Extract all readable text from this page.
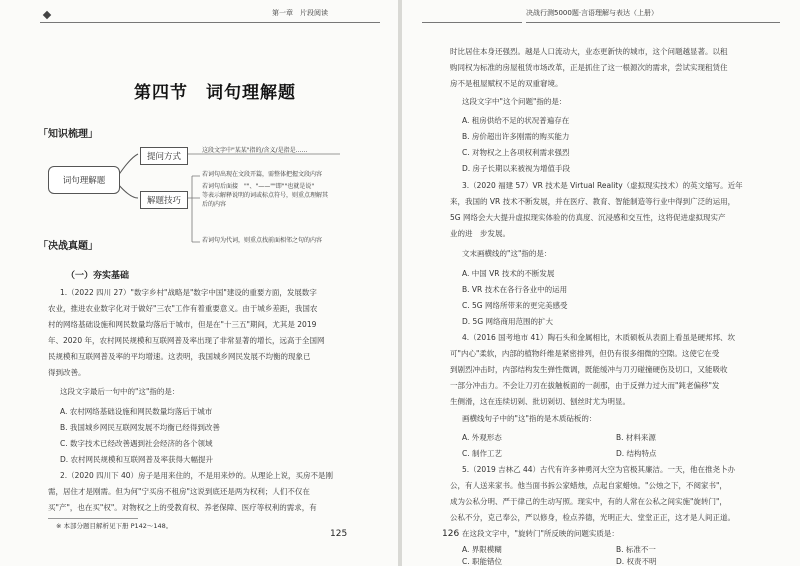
第一章　片段阅读
第四节　词句理解题
「知识梳理」
词句理解题
提问方式
解题技巧
这段文字中"某某"指的/含义/是指是……
若词句出现在文段开篇，需整体把握文段内容
若词句后面接　""、"——""即""也就是说"
等表示解释说明的词或标点符号，则重点理解其
后的内容
若词句为代词，则重点找前面相邻之句的内容
「决战真题」
（一）夯实基础
1.（2022 四川 27）"数字乡村"战略是"数字中国"建设的重要方面，发展数字
农业，推进农业数字化对于做好"三农"工作有着重要意义。由于城乡差距，我国农
村的网络基础设施和网民数量均落后于城市，但是在"十三五"期间，尤其是 2019
年、2020 年，农村网民规模和互联网普及率出现了非常显著的增长，远高于全国网
民规模和互联网普及率的平均增速。这表明，我国城乡网民发展不均衡的现象已
得到改善。
这段文字最后一句中的"这"指的是：
A. 农村网络基础设施和网民数量均落后于城市
B. 我国城乡网民互联网发展不均衡已经得到改善
C. 数字技术已经改善遇到社会经济的各个领域
D. 农村网民规模和互联网普及率获得大幅提升
2.（2020 四川下 40）房子是用来住的，不是用来炒的。从理论上说，买房不是刚
需，居住才是刚需。但为何"宁买房不租房"这说到底还是两为权利；人们不仅在
买"产"，也在买"权"。对物权之上的受教育权、养老保障、医疗等权利的需求，有
※ 本部分题目解析见下册 P142～148。
125
决战行测5000题·言语理解与表达（上册）
时比居住本身还强烈。越是人口流动大，业态更新快的城市，这个问题越显著。以租
购同权为标准的房屋租赁市场改革，正是抓住了这一根源次的需求，尝试实现租赁住
房不是租屋赋权不足的双重窘境。
这段文字中"这个问题"指的是：
A. 租房供给不足的状况普遍存在
B. 房价超出许多刚需的购买能力
C. 对物权之上各项权利需求强烈
D. 房子长期以来被视为增值手段
3.（2020 福建 57）VR 技术是 Virtual Reality（虚拟现实技术）的英文缩写。近年
来，我国的 VR 技术不断发展，并在医疗、教育、智能制造等行业中得到广泛的运用，
5G 网络会大大提升虚拟现实体验的仿真度、沉浸感和交互性，这将促进虚拟现实产
业的进　步发展。
文末画横线的"这"指的是：
A. 中国 VR 技术的不断发展
B. VR 技术在各行各业中的运用
C. 5G 网络所带来的更完美感受
D. 5G 网络商用范围的扩大
4.（2016 国考地市 41）陶石头和金属相比，木质硕板从表面上看虽是硬邦邦、坎
可"内心"柔软，内部的植物纤维是紧密排列，但仍有很多细微的空隙。这使它在受
到剧烈冲击时，内部结构发生弹性微调，既能缓冲与刀刃碰撞硬伤及切口，又能吸收
一部分冲击力。不会让刀刃在拔触板面的一刹那，由于反弹力过大而"鈍老偏移"发
生侧滑，这在连续切剁、批切剁切、刨丝时尤为明显。
画横线句子中的"这"指的是木质砧板的：
A. 外观形态	B. 材料来源
C. 制作工艺	D. 结构特点
5.（2019 吉林乙 44）古代有许多神勇河大空为官极其廉洁。一天，他在推尧卜办
公，有人送来家书。他当面书拆公家蜡烛，点起自家蜡烛。"公烛之下，不阅家书"，
成为公私分明、严于律己的生动写照。现实中，有的人常在公私之间实施"旋转门"，
公私不分，克己奉公，严以修身，检点养德，光明正大、堂堂正正，这才是人间正道。
在这段文字中，"旋转门"所反映的问题实质是：
A. 界限模糊	B. 标准不一
C. 职能错位	D. 权责不明
126
